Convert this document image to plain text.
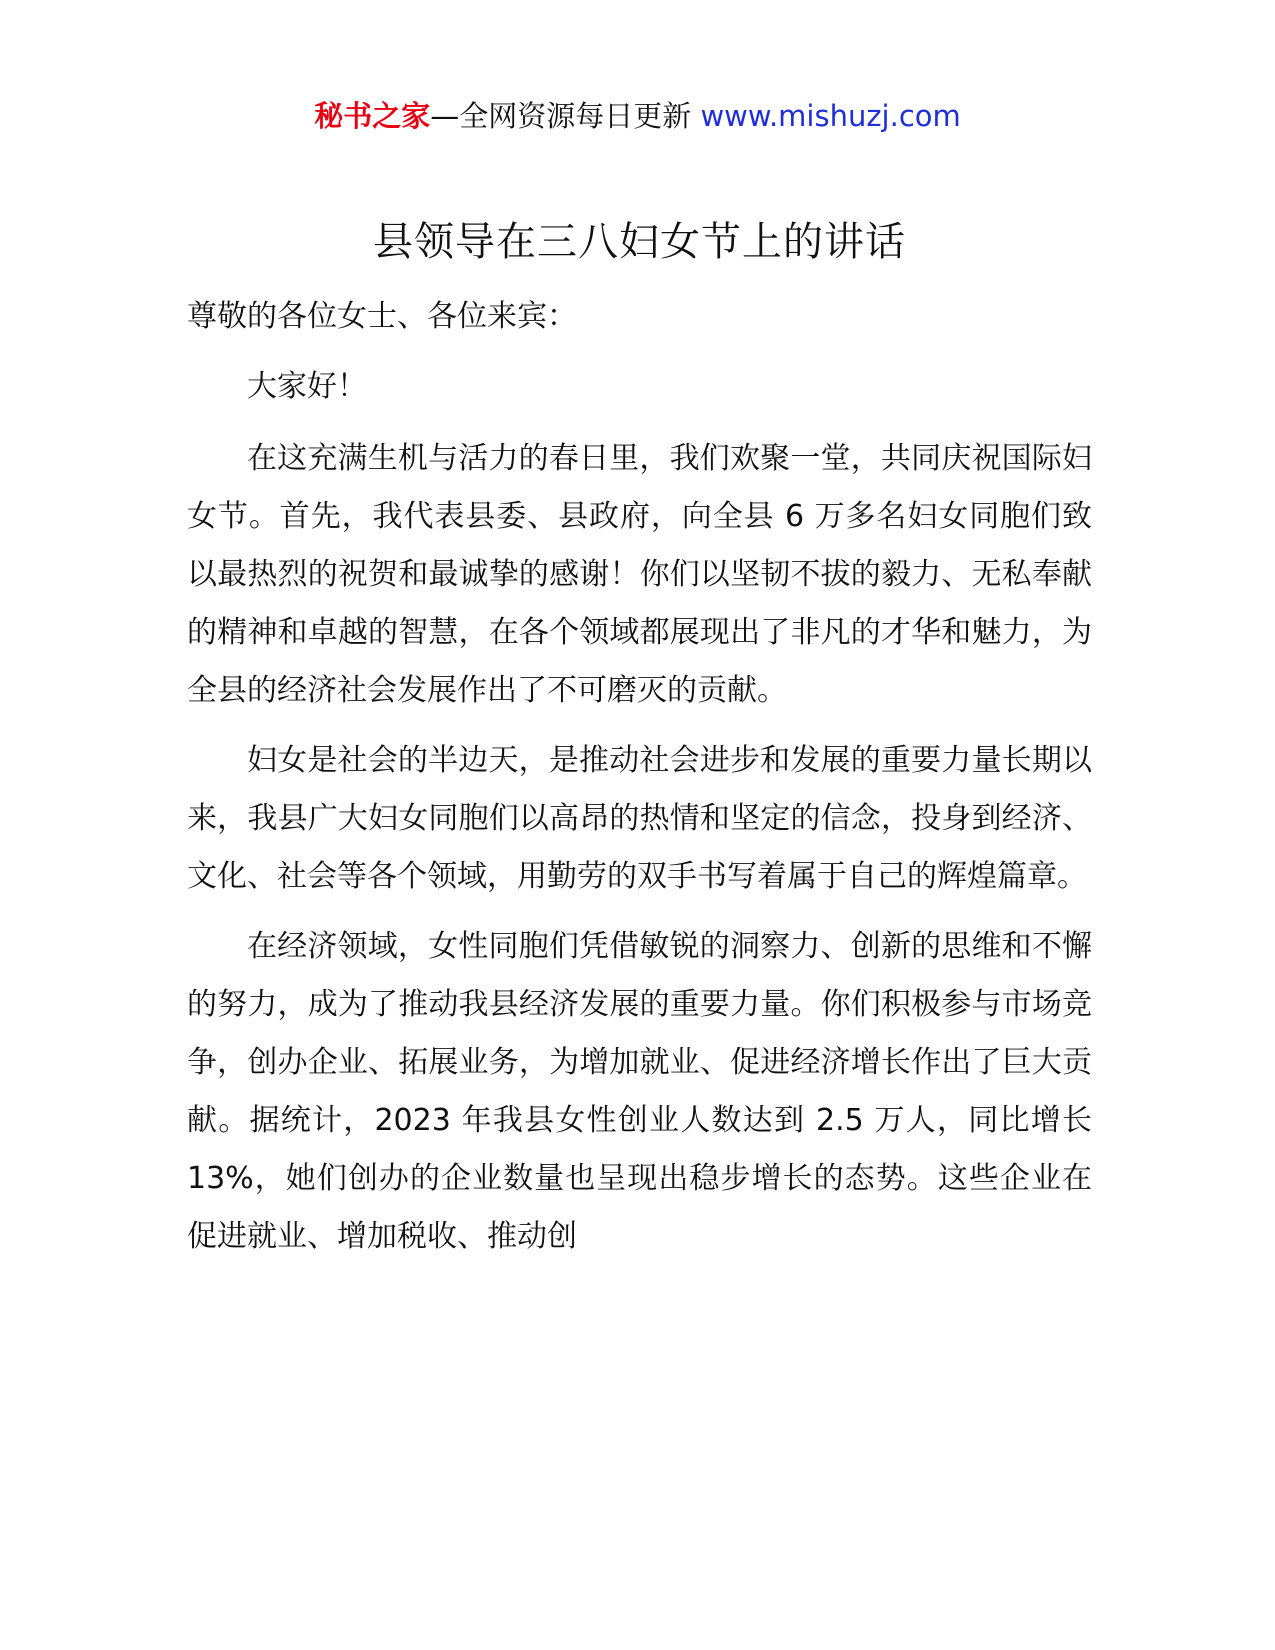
秘书之家—全网资源每日更新 www.mishuzj.com
县领导在三八妇女节上的讲话

尊敬的各位女士、各位来宾：

大家好！

在这充满生机与活力的春日里，我们欢聚一堂，共同庆祝国际妇女节。首先，我代表县委、县政府，向全县 6 万多名妇女同胞们致以最热烈的祝贺和最诚挚的感谢！你们以坚韧不拔的毅力、无私奉献的精神和卓越的智慧，在各个领域都展现出了非凡的才华和魅力，为全县的经济社会发展作出了不可磨灭的贡献。

妇女是社会的半边天，是推动社会进步和发展的重要力量长期以来，我县广大妇女同胞们以高昂的热情和坚定的信念，投身到经济、文化、社会等各个领域，用勤劳的双手书写着属于自己的辉煌篇章。

在经济领域，女性同胞们凭借敏锐的洞察力、创新的思维和不懈的努力，成为了推动我县经济发展的重要力量。你们积极参与市场竞争，创办企业、拓展业务，为增加就业、促进经济增长作出了巨大贡献。据统计，2023 年我县女性创业人数达到 2.5 万人，同比增长 13%，她们创办的企业数量也呈现出稳步增长的态势。这些企业在促进就业、增加税收、推动创
